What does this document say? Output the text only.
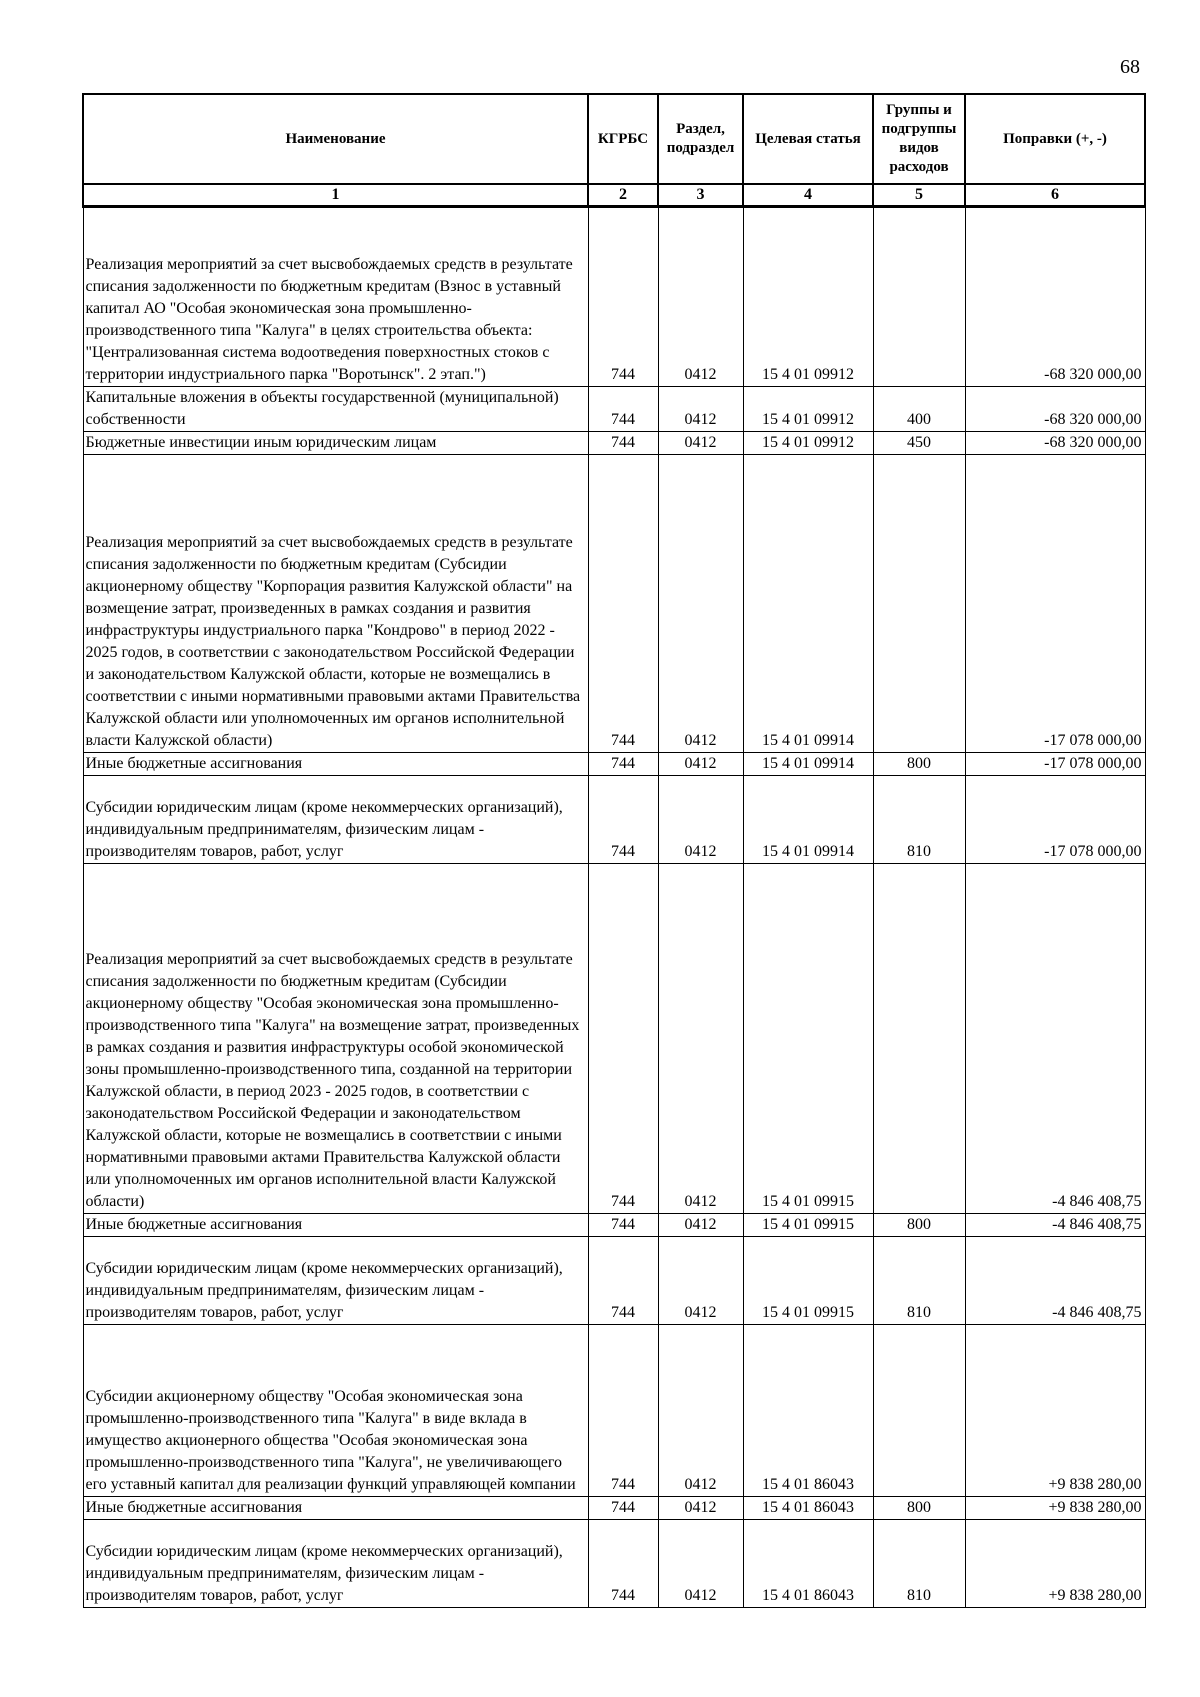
68
Наименование	КГРБС	Раздел, подраздел	Целевая статья	Группы и подгруппы видов расходов	Поправки (+, -)
1	2	3	4	5	6
Реализация мероприятий за счет высвобождаемых средств в результате списания задолженности по бюджетным кредитам (Взнос в уставный капитал АО "Особая экономическая зона промышленно-производственного типа "Калуга" в целях строительства объекта: "Централизованная система водоотведения поверхностных стоков с территории индустриального парка "Воротынск". 2 этап.")	744	0412	15 4 01 09912		-68 320 000,00
Капитальные вложения в объекты государственной (муниципальной) собственности	744	0412	15 4 01 09912	400	-68 320 000,00
Бюджетные инвестиции иным юридическим лицам	744	0412	15 4 01 09912	450	-68 320 000,00
Реализация мероприятий за счет высвобождаемых средств в результате списания задолженности по бюджетным кредитам (Субсидии акционерному обществу "Корпорация развития Калужской области" на возмещение затрат, произведенных в рамках создания и развития инфраструктуры индустриального парка "Кондрово" в период 2022 - 2025 годов, в соответствии с законодательством Российской Федерации и законодательством Калужской области, которые не возмещались в соответствии с иными нормативными правовыми актами Правительства Калужской области или уполномоченных им органов исполнительной власти Калужской области)	744	0412	15 4 01 09914		-17 078 000,00
Иные бюджетные ассигнования	744	0412	15 4 01 09914	800	-17 078 000,00
Субсидии юридическим лицам (кроме некоммерческих организаций), индивидуальным предпринимателям, физическим лицам - производителям товаров, работ, услуг	744	0412	15 4 01 09914	810	-17 078 000,00
Реализация мероприятий за счет высвобождаемых средств в результате списания задолженности по бюджетным кредитам (Субсидии акционерному обществу "Особая экономическая зона промышленно-производственного типа "Калуга" на возмещение затрат, произведенных в рамках создания и развития инфраструктуры особой экономической зоны промышленно-производственного типа, созданной на территории Калужской области, в период 2023 - 2025 годов, в соответствии с законодательством Российской Федерации и законодательством Калужской области, которые не возмещались в соответствии с иными нормативными правовыми актами Правительства Калужской области или уполномоченных им органов исполнительной власти Калужской области)	744	0412	15 4 01 09915		-4 846 408,75
Иные бюджетные ассигнования	744	0412	15 4 01 09915	800	-4 846 408,75
Субсидии юридическим лицам (кроме некоммерческих организаций), индивидуальным предпринимателям, физическим лицам - производителям товаров, работ, услуг	744	0412	15 4 01 09915	810	-4 846 408,75
Субсидии акционерному обществу "Особая экономическая зона промышленно-производственного типа "Калуга" в виде вклада в имущество акционерного общества "Особая экономическая зона промышленно-производственного типа "Калуга", не увеличивающего его уставный капитал для реализации функций управляющей компании	744	0412	15 4 01 86043		+9 838 280,00
Иные бюджетные ассигнования	744	0412	15 4 01 86043	800	+9 838 280,00
Субсидии юридическим лицам (кроме некоммерческих организаций), индивидуальным предпринимателям, физическим лицам - производителям товаров, работ, услуг	744	0412	15 4 01 86043	810	+9 838 280,00
